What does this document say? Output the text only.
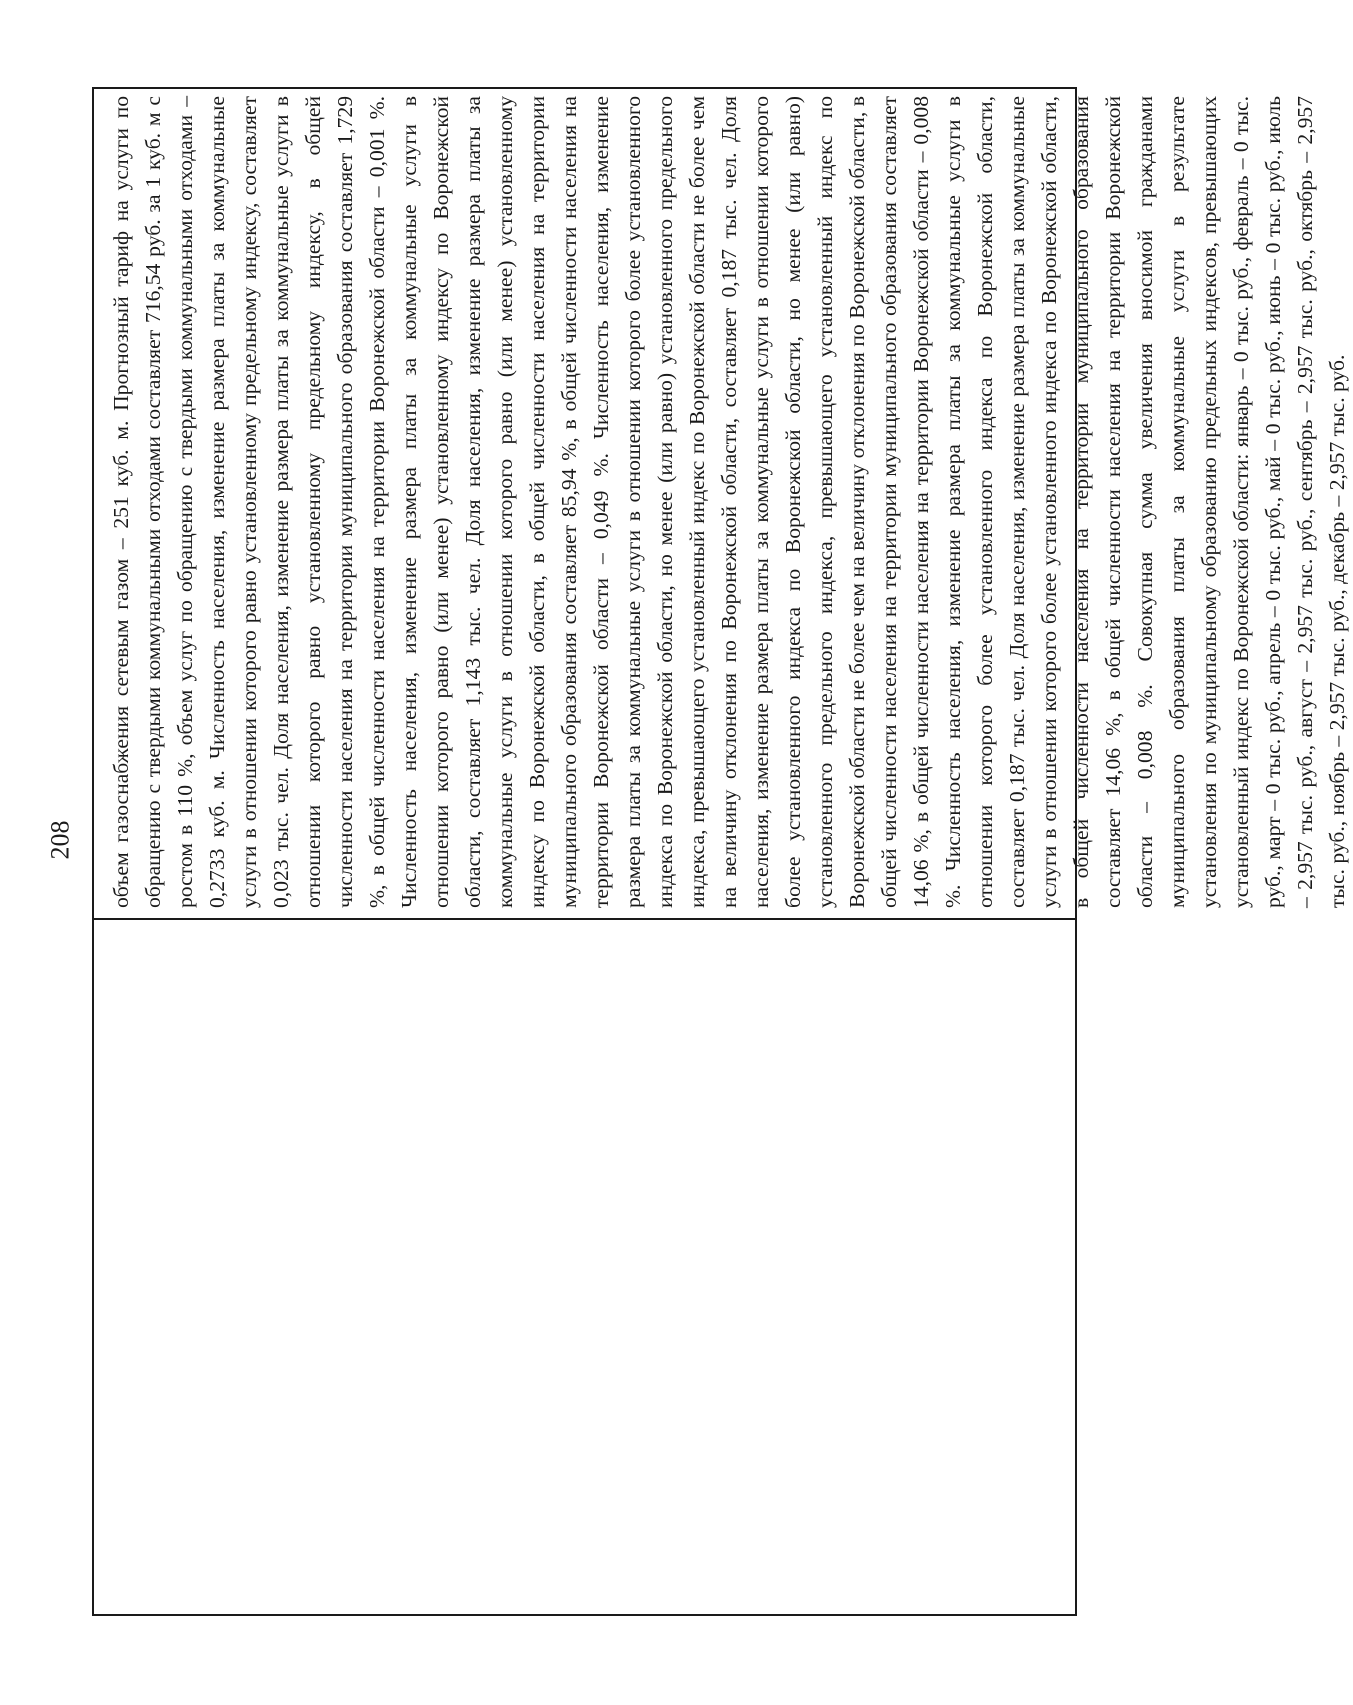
208	объем газоснабжения сетевым газом – 251 куб. м. Прогнозный тариф на услуги по обращению с твердыми коммунальными отходами составляет 716,54 руб. за 1 куб. м с ростом в 110 %, объем услуг по обращению с твердыми коммунальными отходами – 0,2733 куб. м. Численность населения, изменение размера платы за коммунальные услуги в отношении которого равно установленному предельному индексу, составляет 0,023 тыс. чел. Доля населения, изменение размера платы за коммунальные услуги в отношении которого равно установленному предельному индексу, в общей численности населения на территории муниципального образования составляет 1,729 %, в общей численности населения на территории Воронежской области – 0,001 %. Численность населения, изменение размера платы за коммунальные услуги в отношении которого равно (или менее) установленному индексу по Воронежской области, составляет 1,143 тыс. чел. Доля населения, изменение размера платы за коммунальные услуги в отношении которого равно (или менее) установленному индексу по Воронежской области, в общей численности населения на территории муниципального образования составляет 85,94 %, в общей численности населения на территории Воронежской области – 0,049 %. Численность населения, изменение размера платы за коммунальные услуги в отношении которого более установленного индекса по Воронежской области, но менее (или равно) установленного предельного индекса, превышающего установленный индекс по Воронежской области не более чем на величину отклонения по Воронежской области, составляет 0,187 тыс. чел. Доля населения, изменение размера платы за коммунальные услуги в отношении которого более установленного индекса по Воронежской области, но менее (или равно) установленного предельного индекса, превышающего установленный индекс по Воронежской области не более чем на величину отклонения по Воронежской области, в общей численности населения на территории муниципального образования составляет 14,06 %, в общей численности населения на территории Воронежской области – 0,008 %. Численность населения, изменение размера платы за коммунальные услуги в отношении которого более установленного индекса по Воронежской области, составляет 0,187 тыс. чел. Доля населения, изменение размера платы за коммунальные услуги в отношении которого более установленного индекса по Воронежской области, в общей численности населения на территории муниципального образования составляет 14,06 %, в общей численности населения на территории Воронежской области – 0,008 %. Совокупная сумма увеличения вносимой гражданами муниципального образования платы за коммунальные услуги в результате установления по муниципальному образованию предельных индексов, превышающих установленный индекс по Воронежской области: январь – 0 тыс. руб., февраль – 0 тыс. руб., март – 0 тыс. руб., апрель – 0 тыс. руб., май – 0 тыс. руб., июнь – 0 тыс. руб., июль – 2,957 тыс. руб., август – 2,957 тыс. руб., сентябрь – 2,957 тыс. руб., октябрь – 2,957 тыс. руб., ноябрь – 2,957 тыс. руб., декабрь – 2,957 тыс. руб.
